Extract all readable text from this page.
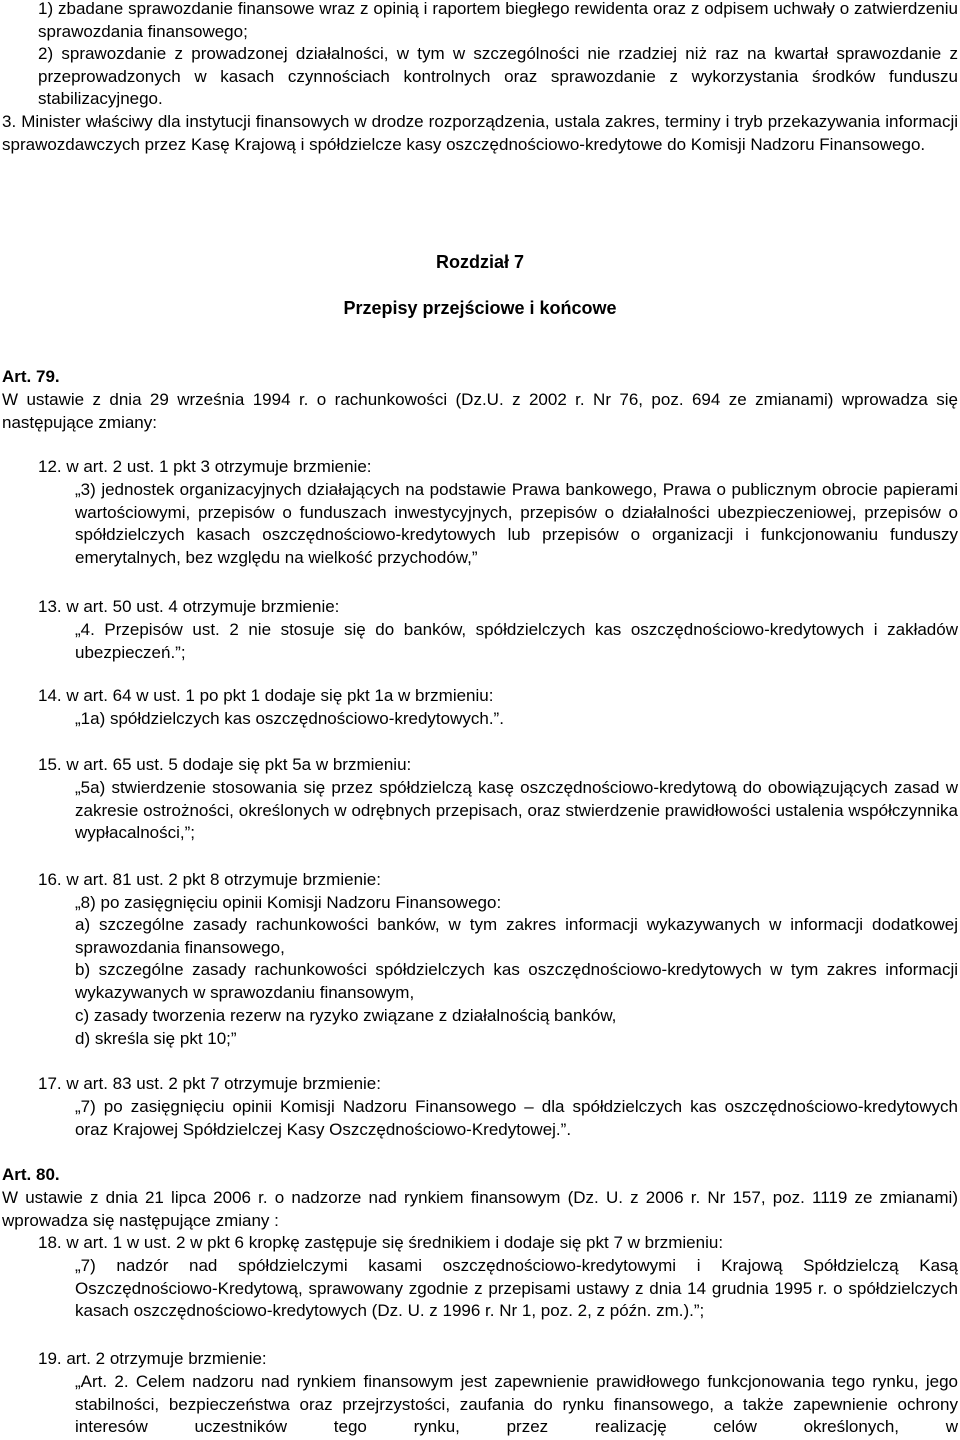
1) zbadane sprawozdanie finansowe wraz z opinią i raportem biegłego rewidenta oraz z odpisem uchwały o zatwierdzeniu sprawozdania finansowego;
2) sprawozdanie z prowadzonej działalności, w tym w szczególności nie rzadziej niż raz na kwartał sprawozdanie z przeprowadzonych w kasach czynnościach kontrolnych oraz sprawozdanie z wykorzystania środków funduszu stabilizacyjnego.
3. Minister właściwy dla instytucji finansowych w drodze rozporządzenia, ustala zakres, terminy i tryb przekazywania informacji sprawozdawczych przez Kasę Krajową i spółdzielcze kasy oszczędnościowo-kredytowe do Komisji Nadzoru Finansowego.
Rozdział 7
Przepisy przejściowe i końcowe
Art. 79.
W ustawie z dnia 29 września 1994 r. o rachunkowości (Dz.U. z 2002 r. Nr 76, poz. 694 ze zmianami) wprowadza się następujące zmiany:
12. w art. 2 ust. 1 pkt 3 otrzymuje brzmienie:
„3) jednostek organizacyjnych działających na podstawie Prawa bankowego, Prawa o publicznym obrocie papierami wartościowymi, przepisów o funduszach inwestycyjnych, przepisów o działalności ubezpieczeniowej, przepisów o spółdzielczych kasach oszczędnościowo-kredytowych lub przepisów o organizacji i funkcjonowaniu funduszy emerytalnych, bez względu na wielkość przychodów,”
13. w art. 50 ust. 4 otrzymuje brzmienie:
„4. Przepisów ust. 2 nie stosuje się do banków, spółdzielczych kas oszczędnościowo-kredytowych i zakładów ubezpieczeń.”;
14. w art. 64 w ust. 1 po pkt 1 dodaje się pkt 1a w brzmieniu:
„1a) spółdzielczych kas oszczędnościowo-kredytowych.”.
15. w art. 65 ust. 5 dodaje się pkt 5a w brzmieniu:
„5a) stwierdzenie stosowania się przez spółdzielczą kasę oszczędnościowo-kredytową do obowiązujących zasad w zakresie ostrożności, określonych w odrębnych przepisach, oraz stwierdzenie prawidłowości ustalenia współczynnika wypłacalności,”;
16. w art. 81 ust. 2 pkt 8 otrzymuje brzmienie:
„8) po zasięgnięciu opinii Komisji Nadzoru Finansowego:
a) szczególne zasady rachunkowości banków, w tym zakres informacji wykazywanych w informacji dodatkowej sprawozdania finansowego,
b) szczególne zasady rachunkowości spółdzielczych kas oszczędnościowo-kredytowych w tym zakres informacji wykazywanych w sprawozdaniu finansowym,
c) zasady tworzenia rezerw na ryzyko związane z działalnością banków,
d) skreśla się pkt 10;”
17. w art. 83 ust. 2 pkt 7 otrzymuje brzmienie:
„7) po zasięgnięciu opinii Komisji Nadzoru Finansowego – dla spółdzielczych kas oszczędnościowo-kredytowych oraz Krajowej Spółdzielczej Kasy Oszczędnościowo-Kredytowej.”.
Art. 80.
W ustawie z dnia 21 lipca 2006 r. o nadzorze nad rynkiem finansowym (Dz. U. z 2006 r. Nr 157, poz. 1119 ze zmianami) wprowadza się następujące zmiany :
18. w art. 1 w ust. 2 w pkt 6 kropkę zastępuje się średnikiem i dodaje się pkt 7 w brzmieniu:
„7) nadzór nad spółdzielczymi kasami oszczędnościowo-kredytowymi i Krajową Spółdzielczą Kasą Oszczędnościowo-Kredytową, sprawowany zgodnie z przepisami ustawy z dnia 14 grudnia 1995 r. o spółdzielczych kasach oszczędnościowo-kredytowych (Dz. U. z 1996 r. Nr 1, poz. 2, z późn. zm.).”;
19. art. 2 otrzymuje brzmienie:
„Art. 2. Celem nadzoru nad rynkiem finansowym jest zapewnienie prawidłowego funkcjonowania tego rynku, jego stabilności, bezpieczeństwa oraz przejrzystości, zaufania do rynku finansowego, a także zapewnienie ochrony interesów uczestników tego rynku, przez realizację celów określonych, w
